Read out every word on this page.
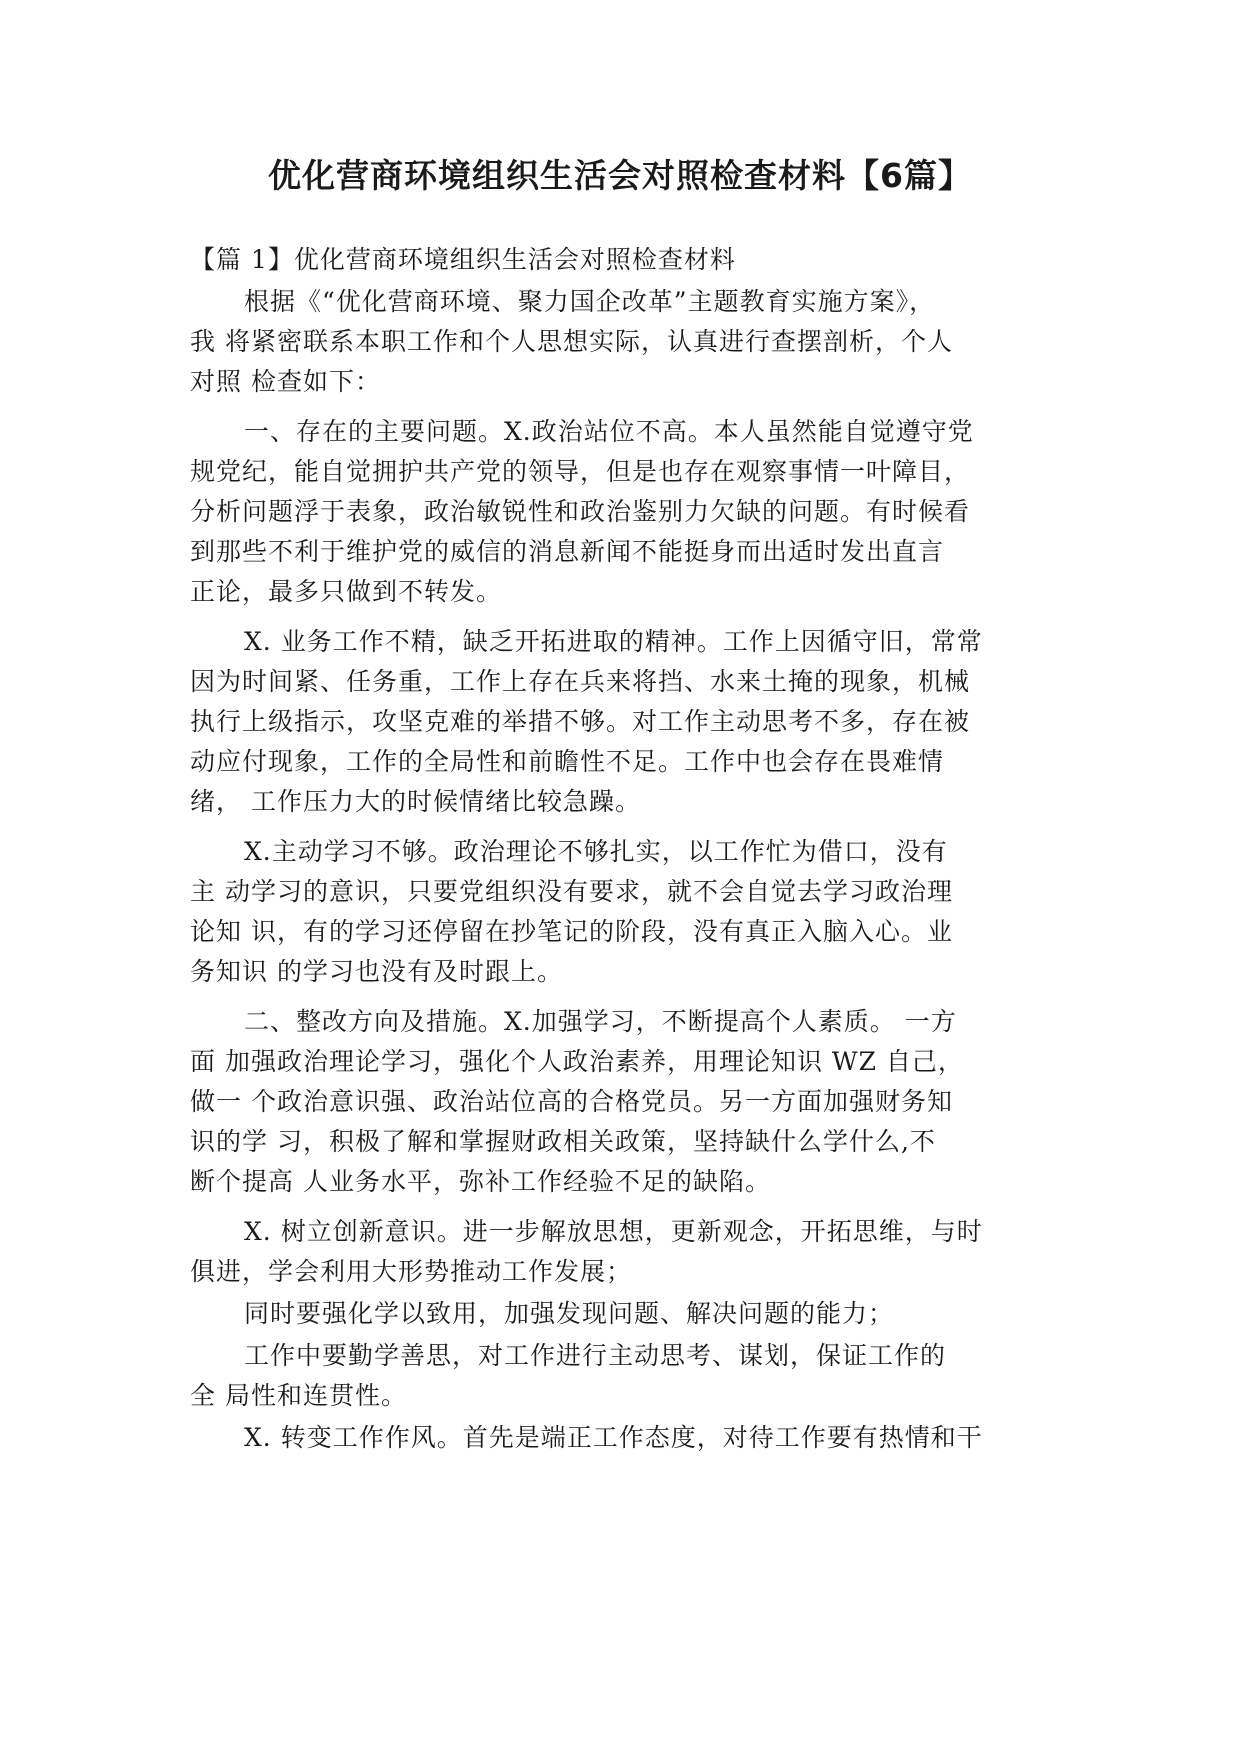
优化营商环境组织生活会对照检查材料【6篇】

【篇 1】优化营商环境组织生活会对照检查材料

根据《“优化营商环境、聚力国企改革”主题教育实施方案》，
我 将紧密联系本职工作和个人思想实际，认真进行查摆剖析，个人
对照 检查如下：

一、存在的主要问题。X.政治站位不高。本人虽然能自觉遵守党
规党纪，能自觉拥护共产党的领导，但是也存在观察事情一叶障目，
分析问题浮于表象，政治敏锐性和政治鉴别力欠缺的问题。有时候看
到那些不利于维护党的威信的消息新闻不能挺身而出适时发出直言
正论，最多只做到不转发。

X. 业务工作不精，缺乏开拓进取的精神。工作上因循守旧，常常
因为时间紧、任务重，工作上存在兵来将挡、水来土掩的现象，机械
执行上级指示，攻坚克难的举措不够。对工作主动思考不多，存在被
动应付现象，工作的全局性和前瞻性不足。工作中也会存在畏难情
绪， 工作压力大的时候情绪比较急躁。

X.主动学习不够。政治理论不够扎实，以工作忙为借口，没有
主 动学习的意识，只要党组织没有要求，就不会自觉去学习政治理
论知 识，有的学习还停留在抄笔记的阶段，没有真正入脑入心。业
务知识 的学习也没有及时跟上。

二、整改方向及措施。X.加强学习，不断提高个人素质。 一方
面 加强政治理论学习，强化个人政治素养，用理论知识 WZ 自己，
做一 个政治意识强、政治站位高的合格党员。另一方面加强财务知
识的学 习，积极了解和掌握财政相关政策，坚持缺什么学什么,不
断个提高 人业务水平，弥补工作经验不足的缺陷。

X. 树立创新意识。进一步解放思想，更新观念，开拓思维，与时
俱进，学会利用大形势推动工作发展；

同时要强化学以致用，加强发现问题、解决问题的能力；

工作中要勤学善思，对工作进行主动思考、谋划，保证工作的
全 局性和连贯性。

X. 转变工作作风。首先是端正工作态度，对待工作要有热情和干
